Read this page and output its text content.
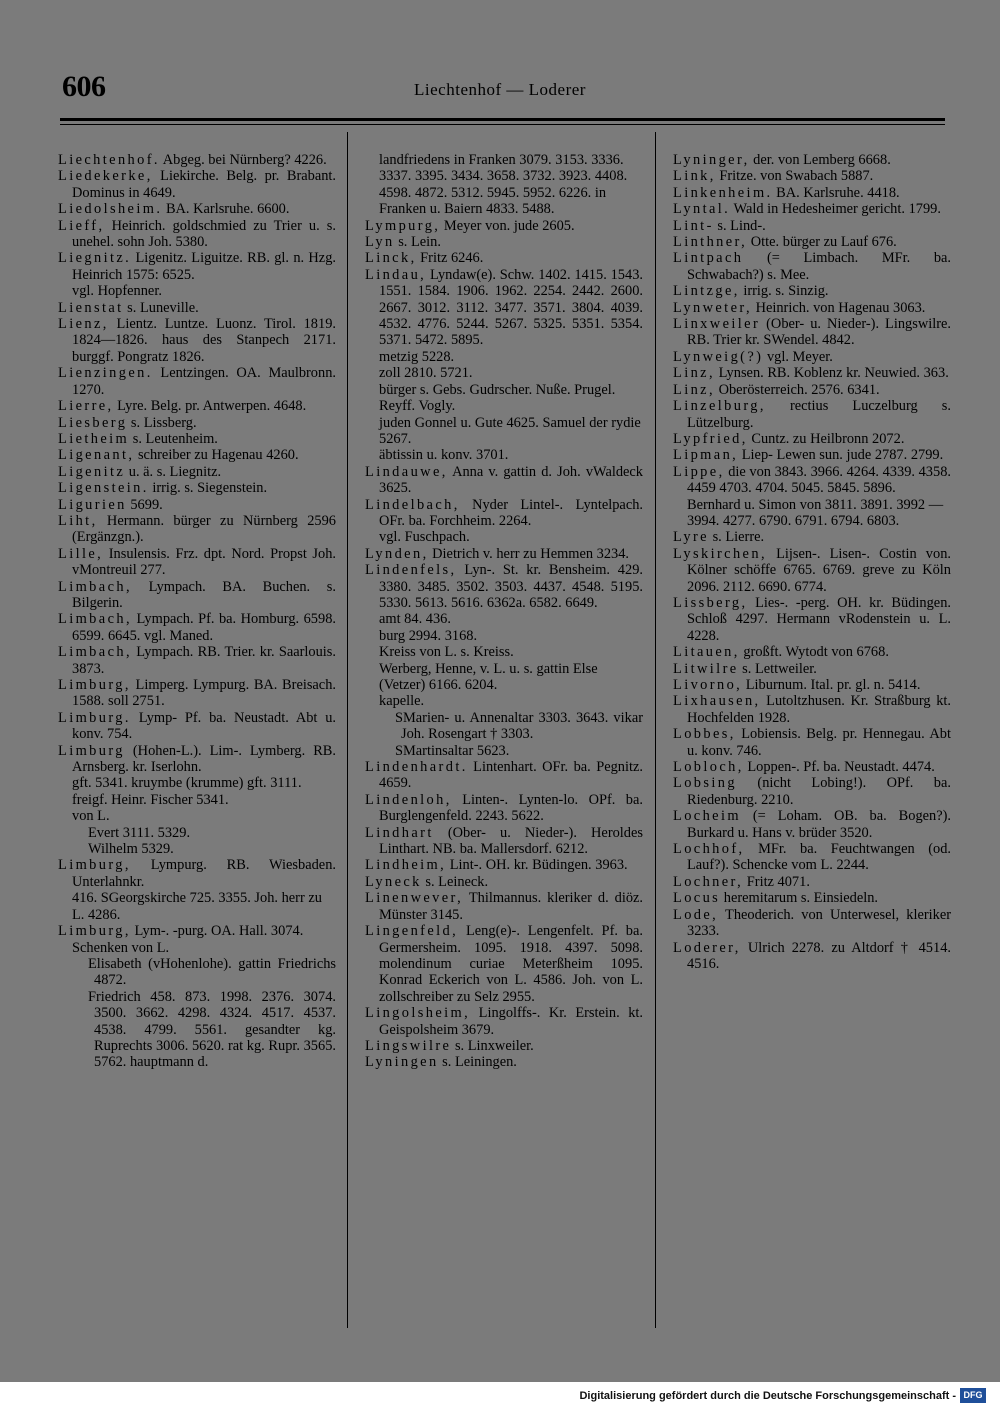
606	Liechtenhof — Loderer
Liechtenhof. Abgeg. bei Nürnberg? 4226.
Liedekerke, Liekirche. Belg. pr. Brabant. Dominus in 4649.
Liedolsheim. BA. Karlsruhe. 6600.
Lieff, Heinrich. goldschmied zu Trier u. s. unehel. sohn Joh. 5380.
Liegnitz. Ligenitz. Liguitze. RB. gl. n. Hzg. Heinrich 1575: 6525.
vgl. Hopfenner.
Lienstat s. Luneville.
Lienz, Lientz. Luntze. Luonz. Tirol. 1819. 1824—1826. haus des Stanpech 2171. burggf. Pongratz 1826.
Lienzingen. Lentzingen. OA. Maulbronn. 1270.
Lierre, Lyre. Belg. pr. Antwerpen. 4648.
Liesberg s. Lissberg.
Lietheim s. Leutenheim.
Ligenant, schreiber zu Hagenau 4260.
Ligenitz u. ä. s. Liegnitz.
Ligenstein. irrig. s. Siegenstein.
Ligurien 5699.
Liht, Hermann. bürger zu Nürnberg 2596 (Ergänzgn.).
Lille, Insulensis. Frz. dpt. Nord. Propst Joh. vMontreuil 277.
Limbach, Lympach. BA. Buchen. s. Bilgerin.
Limbach, Lympach. Pf. ba. Homburg. 6598. 6599. 6645. vgl. Maned.
Limbach, Lympach. RB. Trier. kr. Saarlouis. 3873.
Limburg, Limperg. Lympurg. BA. Breisach. 1588. soll 2751.
Limburg. Lymp- Pf. ba. Neustadt. Abt u. konv. 754.
Limburg (Hohen-L.). Lim-. Lymberg. RB. Arnsberg. kr. Iserlohn.
gft. 5341. kruymbe (krumme) gft. 3111.
freigf. Heinr. Fischer 5341.
von L.
Evert 3111. 5329.
Wilhelm 5329.
Limburg, Lympurg. RB. Wiesbaden. Unterlahnkr.
416. SGeorgskirche 725. 3355. Joh. herr zu L. 4286.
Limburg, Lym-. -purg. OA. Hall. 3074.
Schenken von L.
Elisabeth (vHohenlohe). gattin Friedrichs 4872.
Friedrich 458. 873. 1998. 2376. 3074. 3500. 3662. 4298. 4324. 4517. 4537. 4538. 4799. 5561. gesandter kg. Ruprechts 3006. 5620. rat kg. Rupr. 3565. 5762. hauptmann d.
landfriedens in Franken 3079. 3153. 3336. 3337. 3395. 3434. 3658. 3732. 3923. 4408. 4598. 4872. 5312. 5945. 5952. 6226. in Franken u. Baiern 4833. 5488.
Lympurg, Meyer von. jude 2605.
Lyn s. Lein.
Linck, Fritz 6246.
Lindau, Lyndaw(e). Schw. 1402. 1415. 1543. 1551. 1584. 1906. 1962. 2254. 2442. 2600. 2667. 3012. 3112. 3477. 3571. 3804. 4039. 4532. 4776. 5244. 5267. 5325. 5351. 5354. 5371. 5472. 5895.
metzig 5228.
zoll 2810. 5721.
bürger s. Gebs. Gudrscher. Nuße. Prugel. Reyff. Vogly.
juden Gonnel u. Gute 4625. Samuel der rydie 5267.
äbtissin u. konv. 3701.
Lindauwe, Anna v. gattin d. Joh. vWaldeck 3625.
Lindelbach, Nyder Lintel-. Lyntelpach. OFr. ba. Forchheim. 2264.
vgl. Fuschpach.
Lynden, Dietrich v. herr zu Hemmen 3234.
Lindenfels, Lyn-. St. kr. Bensheim. 429. 3380. 3485. 3502. 3503. 4437. 4548. 5195. 5330. 5613. 5616. 6362a. 6582. 6649.
amt 84. 436.
burg 2994. 3168.
Kreiss von L. s. Kreiss.
Werberg, Henne, v. L. u. s. gattin Else (Vetzer) 6166. 6204.
kapelle.
SMarien- u. Annenaltar 3303. 3643. vikar Joh. Rosengart † 3303.
SMartinsaltar 5623.
Lindenhardt. Lintenhart. OFr. ba. Pegnitz. 4659.
Lindenloh, Linten-. Lynten-lo. OPf. ba. Burglengenfeld. 2243. 5622.
Lindhart (Ober- u. Nieder-). Heroldes Linthart. NB. ba. Mallersdorf. 6212.
Lindheim, Lint-. OH. kr. Büdingen. 3963.
Lyneck s. Leineck.
Linenwever, Thilmannus. kleriker d. diöz. Münster 3145.
Lingenfeld, Leng(e)-. Lengenfelt. Pf. ba. Germersheim. 1095. 1918. 4397. 5098. molendinum curiae Meterßheim 1095. Konrad Eckerich von L. 4586. Joh. von L. zollschreiber zu Selz 2955.
Lingolsheim, Lingolffs-. Kr. Erstein. kt. Geispolsheim 3679.
Lingswilre s. Linxweiler.
Lyningen s. Leiningen.
Lyninger, der. von Lemberg 6668.
Link, Fritze. von Swabach 5887.
Linkenheim. BA. Karlsruhe. 4418.
Lyntal. Wald in Hedesheimer gericht. 1799.
Lint- s. Lind-.
Linthner, Otte. bürger zu Lauf 676.
Lintpach (= Limbach. MFr. ba. Schwabach?) s. Mee.
Lintzge, irrig. s. Sinzig.
Lynweter, Heinrich. von Hagenau 3063.
Linxweiler (Ober- u. Nieder-). Lingswilre. RB. Trier kr. SWendel. 4842.
Lynweig(?) vgl. Meyer.
Linz, Lynsen. RB. Koblenz kr. Neuwied. 363.
Linz, Oberösterreich. 2576. 6341.
Linzelburg, rectius Luczelburg s. Lützelburg.
Lypfried, Cuntz. zu Heilbronn 2072.
Lipman, Liep- Lewen sun. jude 2787. 2799.
Lippe, die von 3843. 3966. 4264. 4339. 4358. 4459 4703. 4704. 5045. 5845. 5896.
Bernhard u. Simon von 3811. 3891. 3992 — 3994. 4277. 6790. 6791. 6794. 6803.
Lyre s. Lierre.
Lyskirchen, Lijsen-. Lisen-. Costin von. Kölner schöffe 6765. 6769. greve zu Köln 2096. 2112. 6690. 6774.
Lissberg, Lies-. -perg. OH. kr. Büdingen. Schloß 4297. Hermann vRodenstein u. L. 4228.
Litauen, großft. Wytodt von 6768.
Litwilre s. Lettweiler.
Livorno, Liburnum. Ital. pr. gl. n. 5414.
Lixhausen, Lutoltzhusen. Kr. Straßburg kt. Hochfelden 1928.
Lobbes, Lobiensis. Belg. pr. Hennegau. Abt u. konv. 746.
Lobloch, Loppen-. Pf. ba. Neustadt. 4474.
Lobsing (nicht Lobing!). OPf. ba. Riedenburg. 2210.
Locheim (= Loham. OB. ba. Bogen?). Burkard u. Hans v. brüder 3520.
Lochhof, MFr. ba. Feuchtwangen (od. Lauf?). Schencke vom L. 2244.
Lochner, Fritz 4071.
Locus heremitarum s. Einsiedeln.
Lode, Theoderich. von Unterwesel, kleriker 3233.
Loderer, Ulrich 2278. zu Altdorf † 4514. 4516.
Digitalisierung gefördert durch die Deutsche Forschungsgemeinschaft - DFG
